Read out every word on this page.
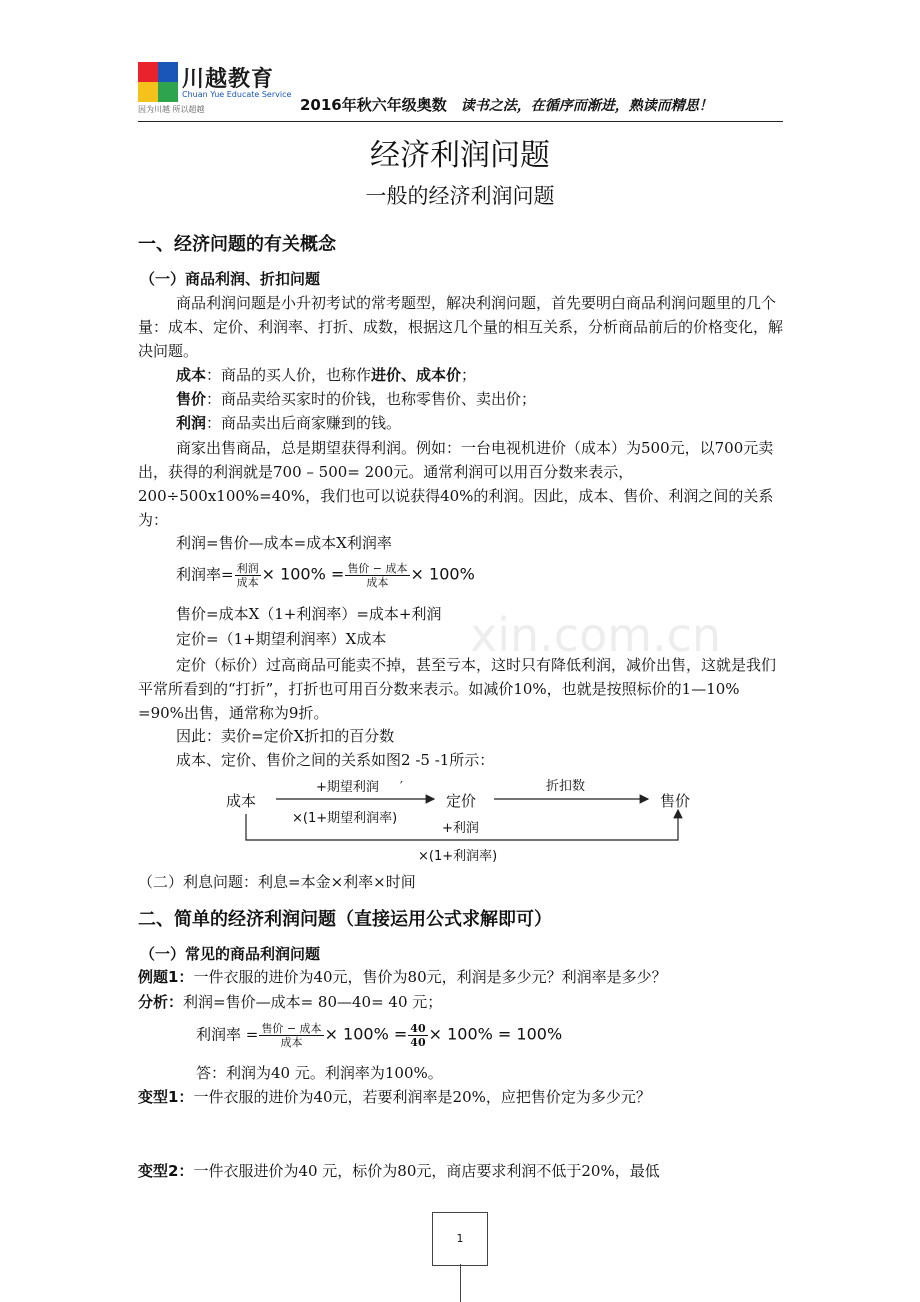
川越教育
Chuan Yue Educate Service
因为川越 所以超越	2016年秋六年级奥数 读书之法，在循序而渐进，熟读而精思！
经济利润问题
一般的经济利润问题
一、经济问题的有关概念
（一）商品利润、折扣问题
商品利润问题是小升初考试的常考题型，解决利润问题，首先要明白商品利润问题里的几个量：成本、定价、利润率、打折、成数，根据这几个量的相互关系，分析商品前后的价格变化，解决问题。
成本：商品的买人价，也称作进价、成本价；
售价：商品卖给买家时的价钱，也称零售价、卖出价；
利润：商品卖出后商家赚到的钱。
商家出售商品，总是期望获得利润。例如：一台电视机进价（成本）为500元，以700元卖出，获得的利润就是700 – 500= 200元。通常利润可以用百分数来表示，200÷500x100%=40%，我们也可以说获得40%的利润。因此，成本、售价、利润之间的关系为：
利润=售价—成本=成本X利润率
利润率= $\frac{\text{利润}}{\text{成本}} \times 100\% = \frac{\text{售价 − 成本}}{\text{成本}} \times 100\%$
售价=成本X（1+利润率）=成本+利润
定价=（1+期望利润率）X成本
定价（标价）过高商品可能卖不掉，甚至亏本，这时只有降低利润，减价出售，这就是我们平常所看到的“打折”，打折也可用百分数来表示。如减价10%，也就是按照标价的1—10% =90%出售，通常称为9折。
因此：卖价=定价X折扣的百分数
成本、定价、售价之间的关系如图2 -5 -1所示：
成本	定价	售价
+期望利润 ′
×(1+期望利润率)
折扣数
+利润
×(1+利润率)
（二）利息问题：利息=本金×利率×时间
二、简单的经济利润问题（直接运用公式求解即可）
（一）常见的商品利润问题
例题1：一件衣服的进价为40元，售价为80元，利润是多少元？利润率是多少？
分析：利润=售价—成本= 80—40= 40 元；
利润率 = $\frac{\text{售价 − 成本}}{\text{成本}} \times 100\% = \frac{40}{40} \times 100\% = 100\%$
答：利润为40 元。利润率为100%。
变型1：一件衣服的进价为40元，若要利润率是20%，应把售价定为多少元？
变型2：一件衣服进价为40 元，标价为80元，商店要求利润不低于20%，最低
xin.com.cn
1
